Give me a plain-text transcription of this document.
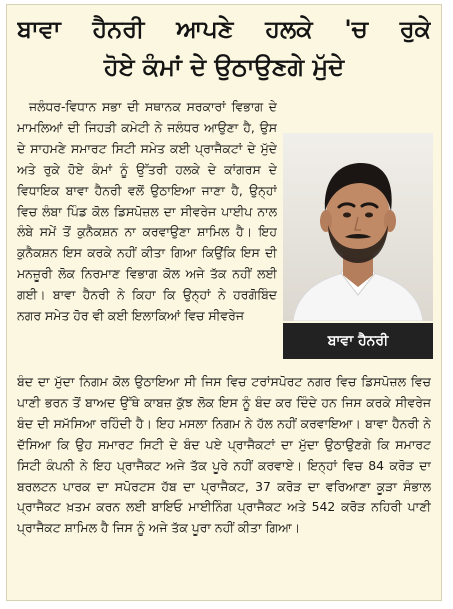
ਬਾਵਾ ਹੈਨਰੀ ਆਪਣੇ ਹਲਕੇ 'ਚ ਰੁਕੇ
ਹੋਏ ਕੰਮਾਂ ਦੇ ਉਠਾਉਣਗੇ ਮੁੱਦੇ

ਜਲੰਧਰ-ਵਿਧਾਨ ਸਭਾ ਦੀ ਸਥਾਨਕ ਸਰਕਾਰਾਂ ਵਿਭਾਗ ਦੇ ਮਾਮਲਿਆਂ ਦੀ ਜਿਹੜੀ ਕਮੇਟੀ ਨੇ ਜਲੰਧਰ ਆਉਣਾ ਹੈ, ਉਸ ਦੇ ਸਾਹਮਣੇ ਸਮਾਰਟ ਸਿਟੀ ਸਮੇਤ ਕਈ ਪ੍ਰਾਜੈਕਟਾਂ ਦੇ ਮੁੱਦੇ ਅਤੇ ਰੁਕੇ ਹੋਏ ਕੰਮਾਂ ਨੂੰ ਉੱਤਰੀ ਹਲਕੇ ਦੇ ਕਾਂਗਰਸ ਦੇ ਵਿਧਾਇਕ ਬਾਵਾ ਹੈਨਰੀ ਵਲੋਂ ਉਠਾਇਆ ਜਾਣਾ ਹੈ, ਉਨ੍ਹਾਂ ਵਿਚ ਲੰਬਾ ਪਿੰਡ ਕੋਲ ਡਿਸਪੋਜ਼ਲ ਦਾ ਸੀਵਰੇਜ ਪਾਈਪ ਨਾਲ ਲੰਬੇ ਸਮੇਂ ਤੋਂ ਕੁਨੈਕਸ਼ਨ ਨਾ ਕਰਵਾਉਣਾ ਸ਼ਾਮਿਲ ਹੈ। ਇਹ ਕੁਨੈਕਸ਼ਨ ਇਸ ਕਰਕੇ ਨਹੀਂ ਕੀਤਾ ਗਿਆ ਕਿਉਂਕਿ ਇਸ ਦੀ ਮਨਜ਼ੂਰੀ ਲੋਕ ਨਿਰਮਾਣ ਵਿਭਾਗ ਕੋਲ ਅਜੇ ਤੱਕ ਨਹੀਂ ਲਈ ਗਈ। ਬਾਵਾ ਹੈਨਰੀ ਨੇ ਕਿਹਾ ਕਿ ਉਨ੍ਹਾਂ ਨੇ ਹਰਗੋਬਿੰਦ ਨਗਰ ਸਮੇਤ ਹੋਰ ਵੀ ਕਈ ਇਲਾਕਿਆਂ ਵਿਚ ਸੀਵਰੇਜ

ਬਾਵਾ ਹੈਨਰੀ

ਬੰਦ ਦਾ ਮੁੱਦਾ ਨਿਗਮ ਕੋਲ ਉਠਾਇਆ ਸੀ ਜਿਸ ਵਿਚ ਟਰਾਂਸਪੋਰਟ ਨਗਰ ਵਿਚ ਡਿਸਪੋਜ਼ਲ ਵਿਚ ਪਾਣੀ ਭਰਨ ਤੋਂ ਬਾਅਦ ਉੱਥੇ ਕਾਬਜ਼ ਕੁੱਝ ਲੋਕ ਇਸ ਨੂੰ ਬੰਦ ਕਰ ਦਿੰਦੇ ਹਨ ਜਿਸ ਕਰਕੇ ਸੀਵਰੇਜ ਬੰਦ ਦੀ ਸਮੱਸਿਆ ਰਹਿੰਦੀ ਹੈ। ਇਹ ਮਸਲਾ ਨਿਗਮ ਨੇ ਹੱਲ ਨਹੀਂ ਕਰਵਾਇਆ। ਬਾਵਾ ਹੈਨਰੀ ਨੇ ਦੱਸਿਆ ਕਿ ਉਹ ਸਮਾਰਟ ਸਿਟੀ ਦੇ ਬੰਦ ਪਏ ਪ੍ਰਾਜੈਕਟਾਂ ਦਾ ਮੁੱਦਾ ਉਠਾਉਣਗੇ ਕਿ ਸਮਾਰਟ ਸਿਟੀ ਕੰਪਨੀ ਨੇ ਇਹ ਪ੍ਰਾਜੈਕਟ ਅਜੇ ਤੱਕ ਪੂਰੇ ਨਹੀਂ ਕਰਵਾਏ। ਇਨ੍ਹਾਂ ਵਿਚ 84 ਕਰੋੜ ਦਾ ਬਰਲਟਨ ਪਾਰਕ ਦਾ ਸਪੋਰਟਸ ਹੱਬ ਦਾ ਪ੍ਰਾਜੈਕਟ, 37 ਕਰੋੜ ਦਾ ਵਰਿਆਣਾ ਕੂੜਾ ਸੰਭਾਲ ਪ੍ਰਾਜੈਕਟ ਖ਼ਤਮ ਕਰਨ ਲਈ ਬਾਇਓ ਮਾਈਨਿੰਗ ਪ੍ਰਾਜੈਕਟ ਅਤੇ 542 ਕਰੋੜ ਨਹਿਰੀ ਪਾਣੀ ਪ੍ਰਾਜੈਕਟ ਸ਼ਾਮਿਲ ਹੈ ਜਿਸ ਨੂੰ ਅਜੇ ਤੱਕ ਪੂਰਾ ਨਹੀਂ ਕੀਤਾ ਗਿਆ।
